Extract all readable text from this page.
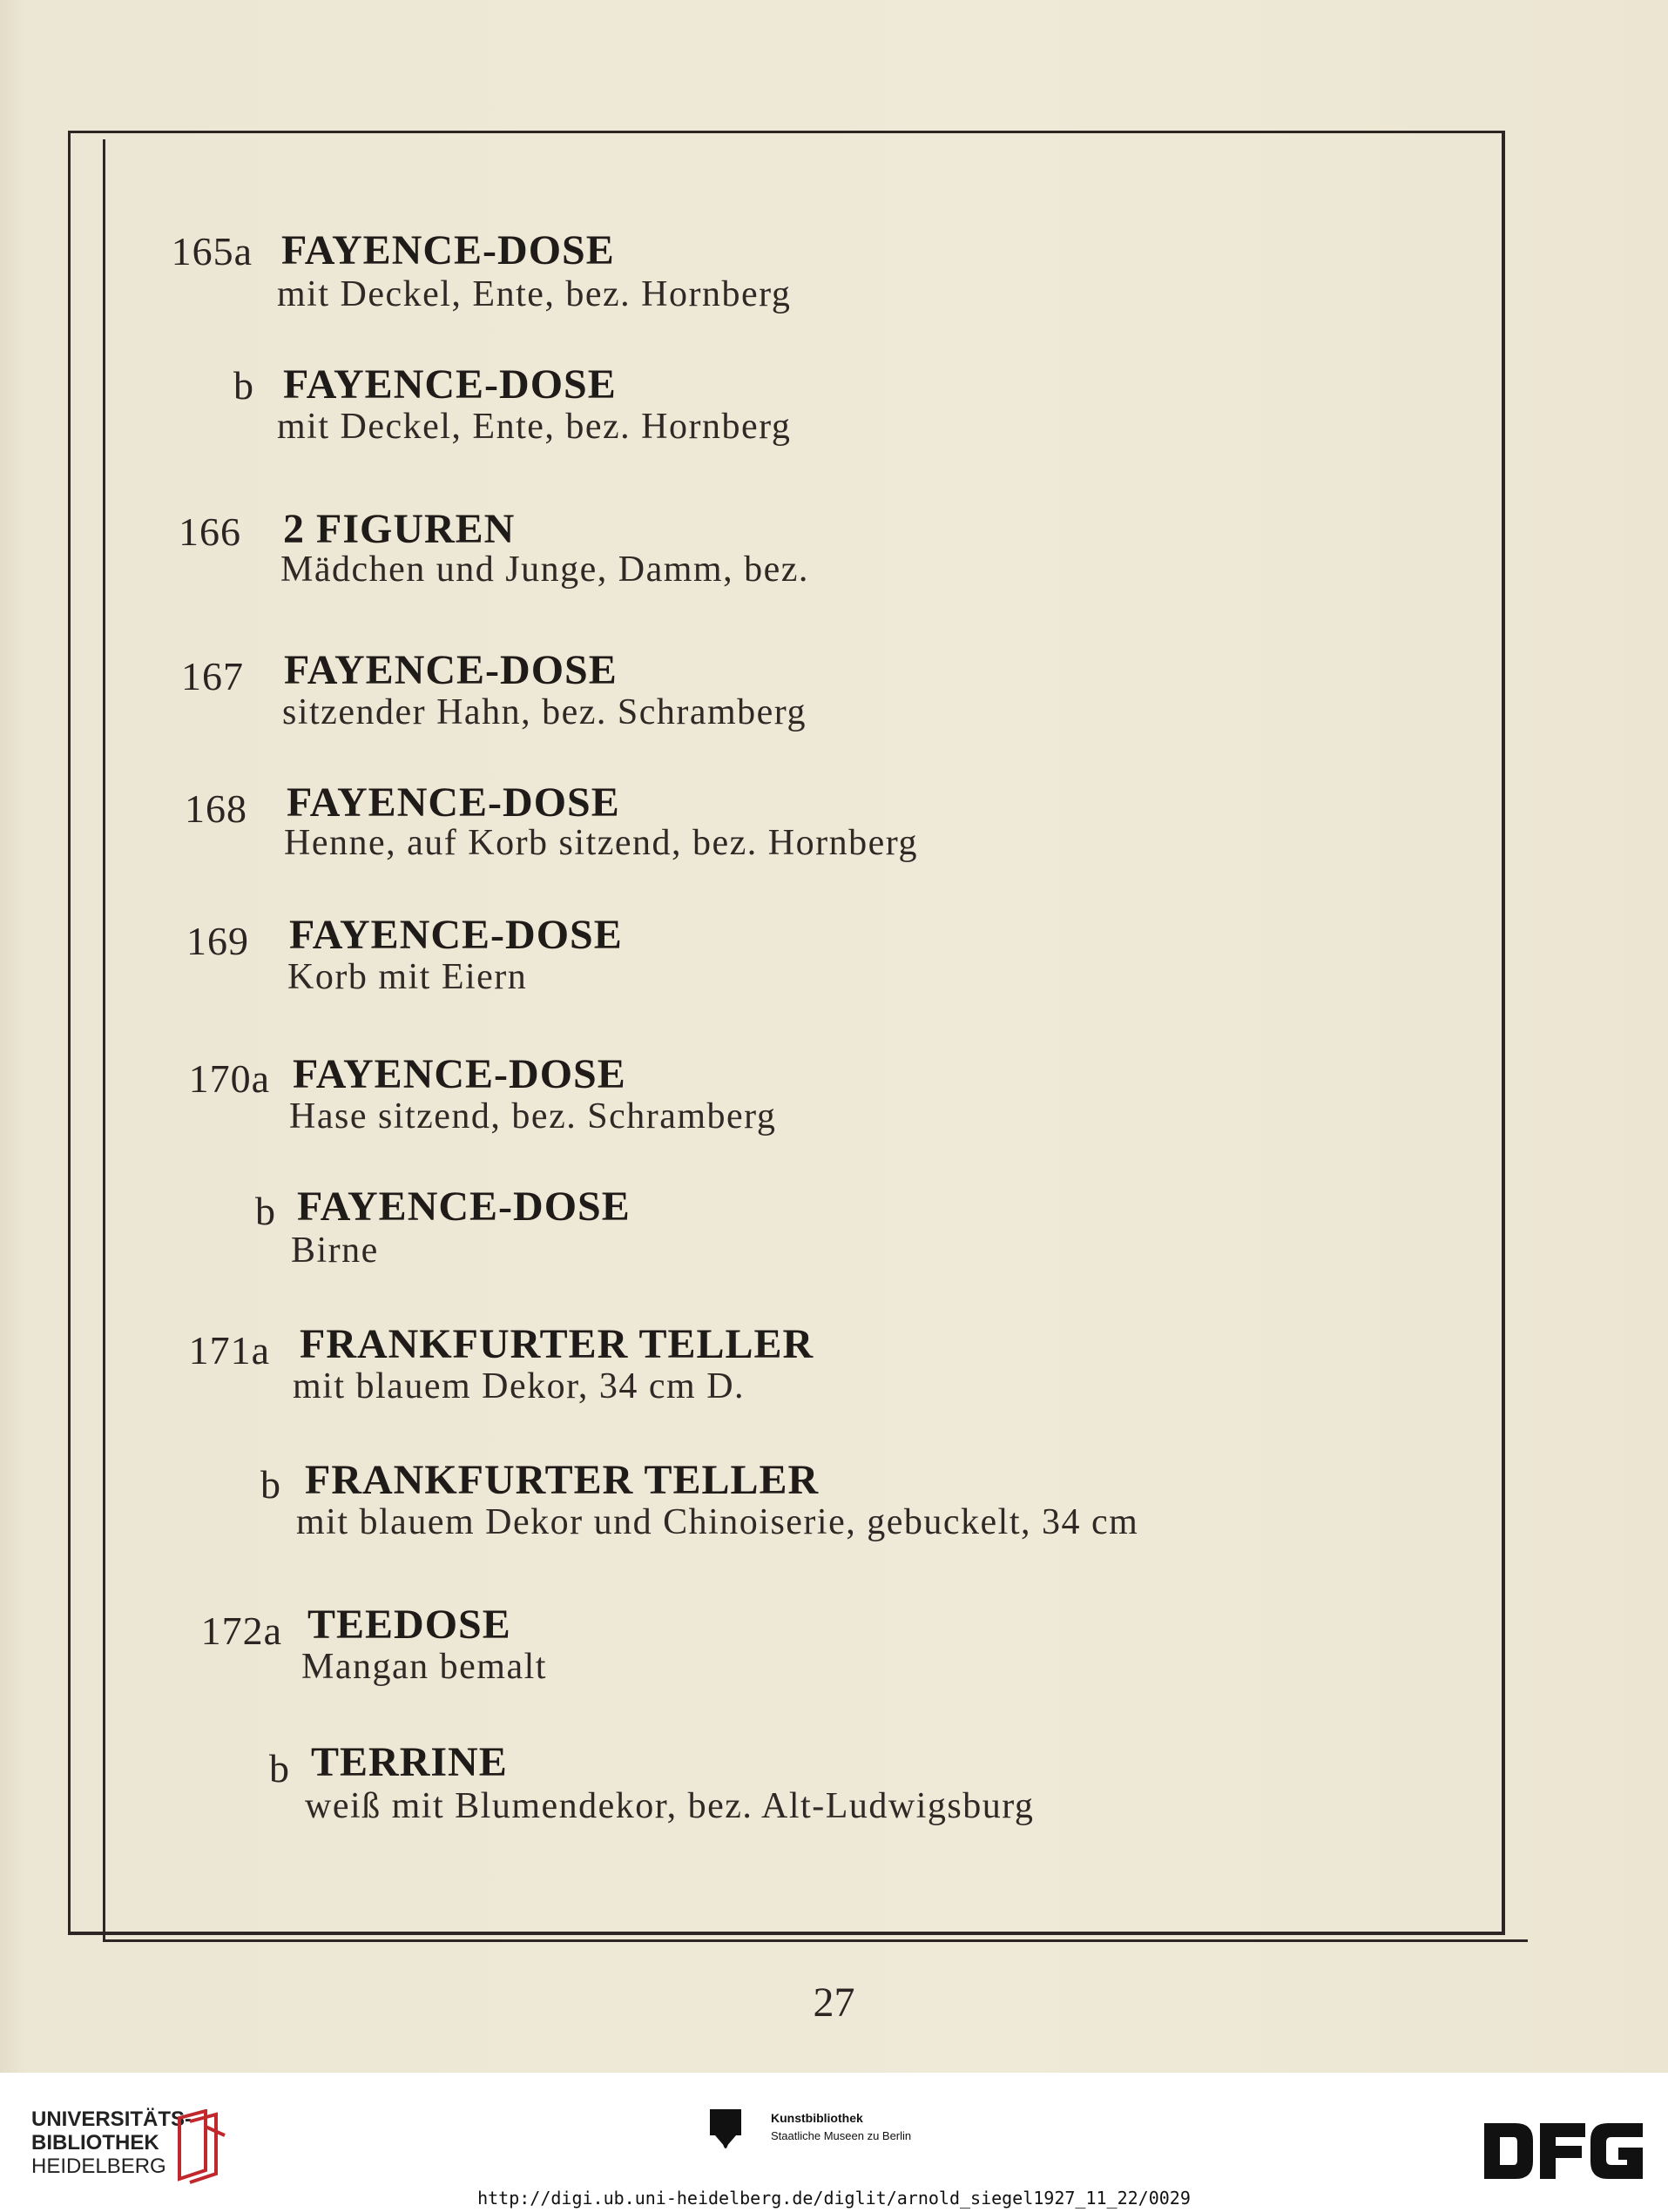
165a FAYENCE-DOSE
mit Deckel, Ente, bez. Hornberg
b FAYENCE-DOSE
mit Deckel, Ente, bez. Hornberg
166 2 FIGUREN
Mädchen und Junge, Damm, bez.
167 FAYENCE-DOSE
sitzender Hahn, bez. Schramberg
168 FAYENCE-DOSE
Henne, auf Korb sitzend, bez. Hornberg
169 FAYENCE-DOSE
Korb mit Eiern
170a FAYENCE-DOSE
Hase sitzend, bez. Schramberg
b FAYENCE-DOSE
Birne
171a FRANKFURTER TELLER
mit blauem Dekor, 34 cm D.
b FRANKFURTER TELLER
mit blauem Dekor und Chinoiserie, gebuckelt, 34 cm
172a TEEDOSE
Mangan bemalt
b TERRINE
weiß mit Blumendekor, bez. Alt-Ludwigsburg
27
UNIVERSITÄTS-
BIBLIOTHEK
HEIDELBERG
Kunstbibliothek
Staatliche Museen zu Berlin
DFG
http://digi.ub.uni-heidelberg.de/diglit/arnold_siegel1927_11_22/0029
